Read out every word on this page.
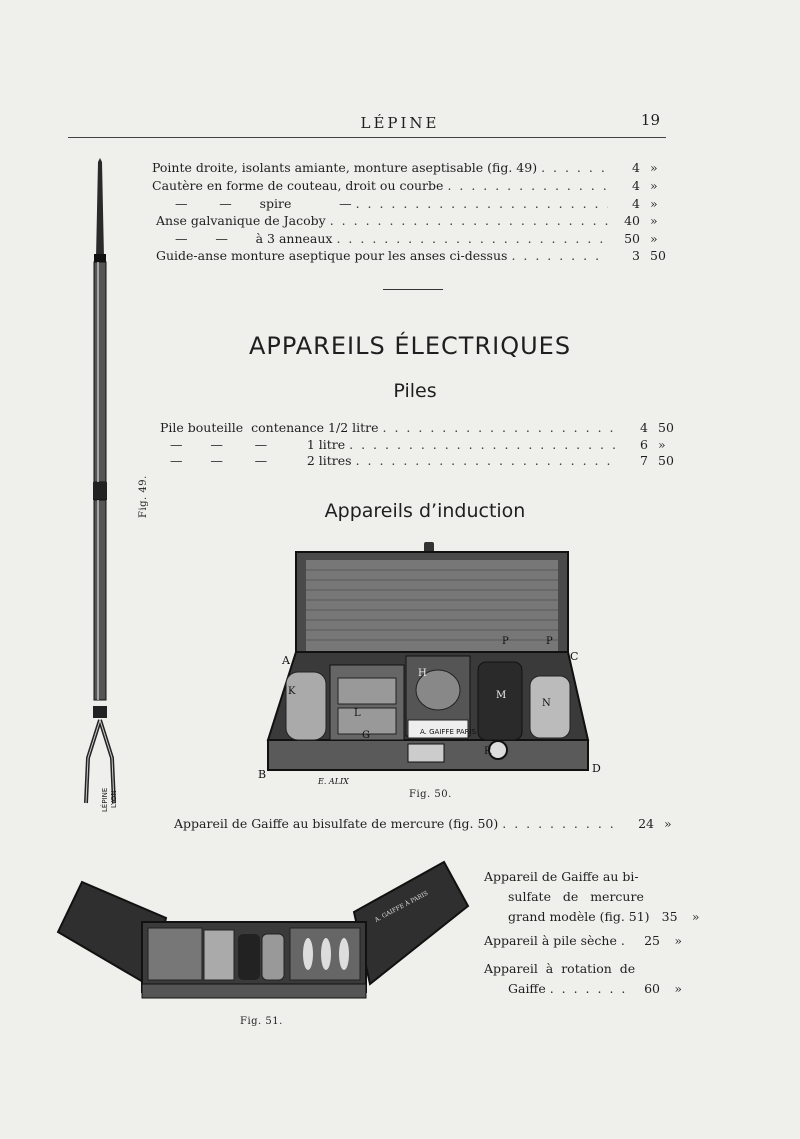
LÉPINE	19
Fig. 49.
LÉPINE LYON
Pointe droite, isolants amiante, monture aseptisable (fig. 49) . . .	4 »
Cautère en forme de couteau, droit ou courbe . . .	4 »
—        —       spire            — . . .	4 »
Anse galvanique de Jacoby . . .	40 »
—       —       à 3 anneaux . . .	50 »
Guide-anse monture aseptique pour les anses ci-dessus . . .	3 50
APPAREILS ÉLECTRIQUES
Piles
Pile bouteille  contenance 1/2 litre . . .	4 50
—       —        —          1 litre . . .	6 »
—       —        —          2 litres . . .	7 50
Appareils d’induction
A. GAIFFE PARIS
A
B
C
D
P	P
M
N
L
G
H
K
R
E. ALIX
Fig. 50.
Appareil de Gaiffe au bisulfate de mercure (fig. 50) . . .	24 »
A. GAIFFE À PARIS
Fig. 51.
Appareil de Gaiffe au bi-
sulfate   de   mercure
grand modèle (fig. 51) 35	»
Appareil à pile sèche . . .	25	»
Appareil  à  rotation  de
Gaiffe . . .	60	»
